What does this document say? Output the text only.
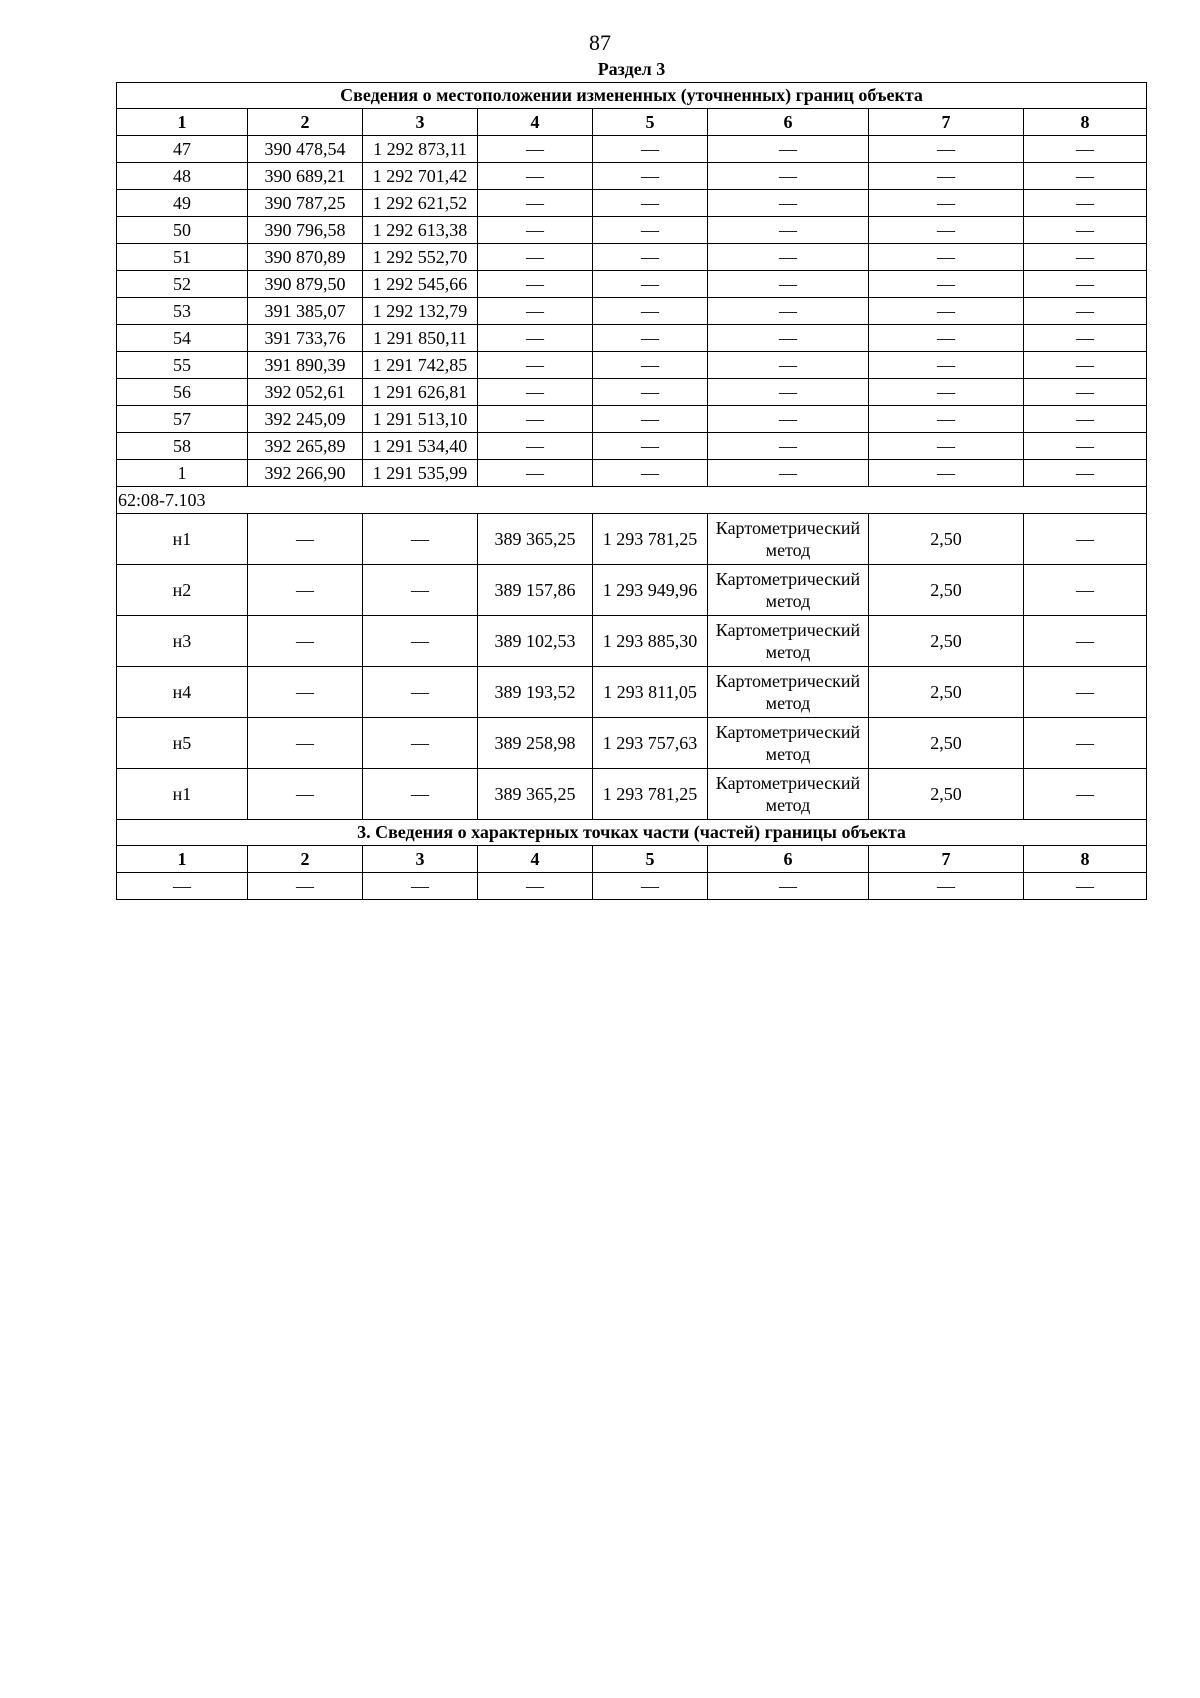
87
Раздел 3
Сведения о местоположении измененных (уточненных) границ объекта							
1	2	3	4	5	6	7	8
47	390 478,54	1 292 873,11	—	—	—	—	—
48	390 689,21	1 292 701,42	—	—	—	—	—
49	390 787,25	1 292 621,52	—	—	—	—	—
50	390 796,58	1 292 613,38	—	—	—	—	—
51	390 870,89	1 292 552,70	—	—	—	—	—
52	390 879,50	1 292 545,66	—	—	—	—	—
53	391 385,07	1 292 132,79	—	—	—	—	—
54	391 733,76	1 291 850,11	—	—	—	—	—
55	391 890,39	1 291 742,85	—	—	—	—	—
56	392 052,61	1 291 626,81	—	—	—	—	—
57	392 245,09	1 291 513,10	—	—	—	—	—
58	392 265,89	1 291 534,40	—	—	—	—	—
1	392 266,90	1 291 535,99	—	—	—	—	—
62:08-7.103							
н1	—	—	389 365,25	1 293 781,25	Картометрический метод	2,50	—
н2	—	—	389 157,86	1 293 949,96	Картометрический метод	2,50	—
н3	—	—	389 102,53	1 293 885,30	Картометрический метод	2,50	—
н4	—	—	389 193,52	1 293 811,05	Картометрический метод	2,50	—
н5	—	—	389 258,98	1 293 757,63	Картометрический метод	2,50	—
н1	—	—	389 365,25	1 293 781,25	Картометрический метод	2,50	—
3. Сведения о характерных точках части (частей) границы объекта							
1	2	3	4	5	6	7	8
—	—	—	—	—	—	—	—
